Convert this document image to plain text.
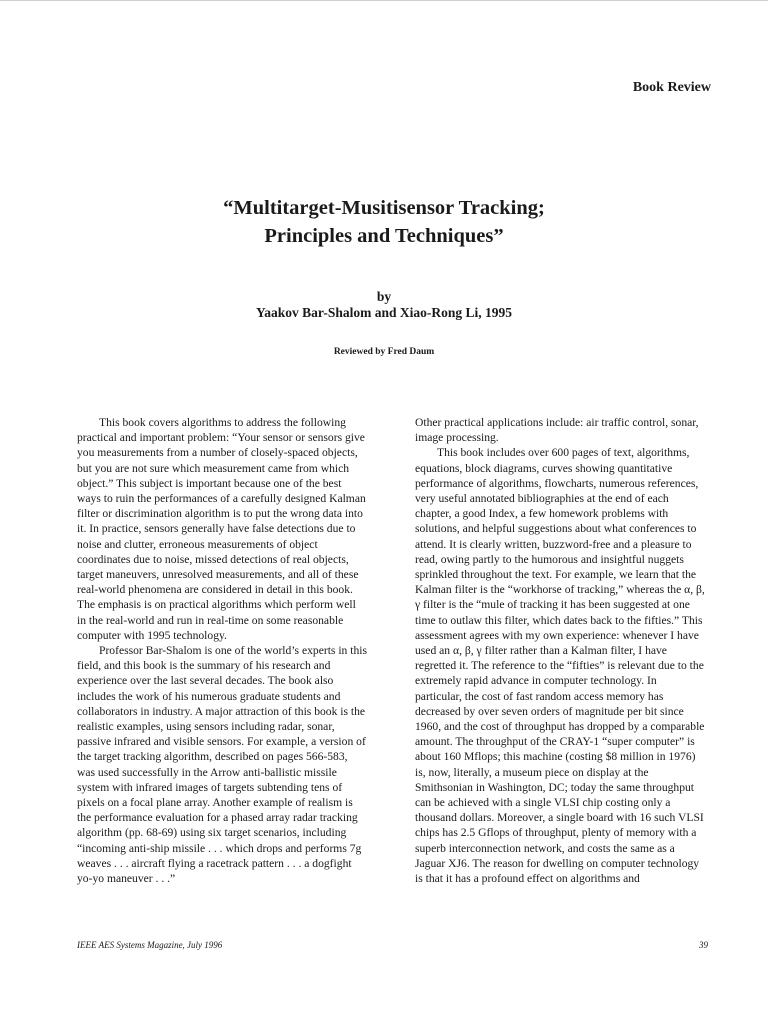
Book Review
“Multitarget-Musitisensor Tracking;
Principles and Techniques”
by
Yaakov Bar-Shalom and Xiao-Rong Li, 1995
Reviewed by Fred Daum

This book covers algorithms to address the following practical and important problem: “Your sensor or sensors give you measurements from a number of closely-spaced objects, but you are not sure which measurement came from which object.” This subject is important because one of the best ways to ruin the performances of a carefully designed Kalman filter or discrimination algorithm is to put the wrong data into it. In practice, sensors generally have false detections due to noise and clutter, erroneous measurements of object coordinates due to noise, missed detections of real objects, target maneuvers, unresolved measurements, and all of these real-world phenomena are considered in detail in this book. The emphasis is on practical algorithms which perform well in the real-world and run in real-time on some reasonable computer with 1995 technology.

Professor Bar-Shalom is one of the world’s experts in this field, and this book is the summary of his research and experience over the last several decades. The book also includes the work of his numerous graduate students and collaborators in industry. A major attraction of this book is the realistic examples, using sensors including radar, sonar, passive infrared and visible sensors. For example, a version of the target tracking algorithm, described on pages 566-583, was used successfully in the Arrow anti-ballistic missile system with infrared images of targets subtending tens of pixels on a focal plane array. Another example of realism is the performance evaluation for a phased array radar tracking algorithm (pp. 68-69) using six target scenarios, including “incoming anti-ship missile . . . which drops and performs 7g weaves . . . aircraft flying a racetrack pattern . . . a dogfight yo-yo maneuver . . .”

Other practical applications include: air traffic control, sonar, image processing.

This book includes over 600 pages of text, algorithms, equations, block diagrams, curves showing quantitative performance of algorithms, flowcharts, numerous references, very useful annotated bibliographies at the end of each chapter, a good Index, a few homework problems with solutions, and helpful suggestions about what conferences to attend. It is clearly written, buzzword-free and a pleasure to read, owing partly to the humorous and insightful nuggets sprinkled throughout the text. For example, we learn that the Kalman filter is the “workhorse of tracking,” whereas the α, β, γ filter is the “mule of tracking it has been suggested at one time to outlaw this filter, which dates back to the fifties.” This assessment agrees with my own experience: whenever I have used an α, β, γ filter rather than a Kalman filter, I have regretted it. The reference to the “fifties” is relevant due to the extremely rapid advance in computer technology. In particular, the cost of fast random access memory has decreased by over seven orders of magnitude per bit since 1960, and the cost of throughput has dropped by a comparable amount. The throughput of the CRAY-1 “super computer” is about 160 Mflops; this machine (costing $8 million in 1976) is, now, literally, a museum piece on display at the Smithsonian in Washington, DC; today the same throughput can be achieved with a single VLSI chip costing only a thousand dollars. Moreover, a single board with 16 such VLSI chips has 2.5 Gflops of throughput, plenty of memory with a superb interconnection network, and costs the same as a Jaguar XJ6. The reason for dwelling on computer technology is that it has a profound effect on algorithms and

IEEE AES Systems Magazine, July 1996	39
